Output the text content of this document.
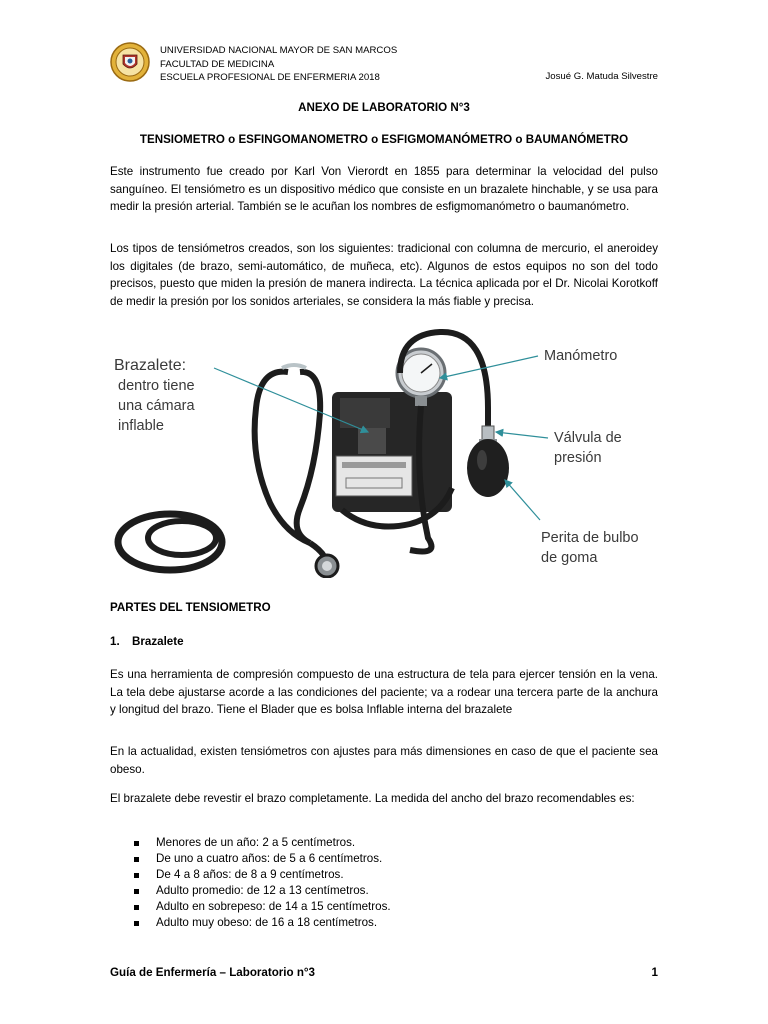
UNIVERSIDAD NACIONAL MAYOR DE SAN MARCOS
FACULTAD DE MEDICINA
ESCUELA PROFESIONAL DE ENFERMERIA 2018	Josué G. Matuda Silvestre
ANEXO DE LABORATORIO N°3
TENSIOMETRO o ESFINGOMANOMETRO o ESFIGMOMANÓMETRO o BAUMANÓMETRO

Este instrumento fue creado por Karl Von Vierordt en 1855 para determinar la velocidad del pulso sanguíneo. El tensiómetro es un dispositivo médico que consiste en un brazalete hinchable, y se usa para medir la presión arterial. También se le acuñan los nombres de esfigmomanómetro o baumanómetro.

Los tipos de tensiómetros creados, son los siguientes: tradicional con columna de mercurio, el aneroidey los digitales (de brazo, semi-automático, de muñeca, etc). Algunos de estos equipos no son del todo precisos, puesto que miden la presión de manera indirecta. La técnica aplicada por el Dr. Nicolai Korotkoff de medir la presión por los sonidos arteriales, se considera la más fiable y precisa.

Brazalete:
dentro tiene
una cámara
inflable
Manómetro
Válvula de
presión
Perita de bulbo
de goma
PARTES DEL TENSIOMETRO
1. Brazalete

Es una herramienta de compresión compuesto de una estructura de tela para ejercer tensión en la vena. La tela debe ajustarse acorde a las condiciones del paciente; va a rodear una tercera parte de la anchura y longitud del brazo. Tiene el Blader que es bolsa Inflable interna del brazalete

En la actualidad, existen tensiómetros con ajustes para más dimensiones en caso de que el paciente sea obeso.

El brazalete debe revestir el brazo completamente. La medida del ancho del brazo recomendables es:

Menores de un año: 2 a 5 centímetros.
De uno a cuatro años: de 5 a 6 centímetros.
De 4 a 8 años: de 8 a 9 centímetros.
Adulto promedio: de 12 a 13 centímetros.
Adulto en sobrepeso: de 14 a 15 centímetros.
Adulto muy obeso: de 16 a 18 centímetros.
Guía de Enfermería – Laboratorio n°3	1
